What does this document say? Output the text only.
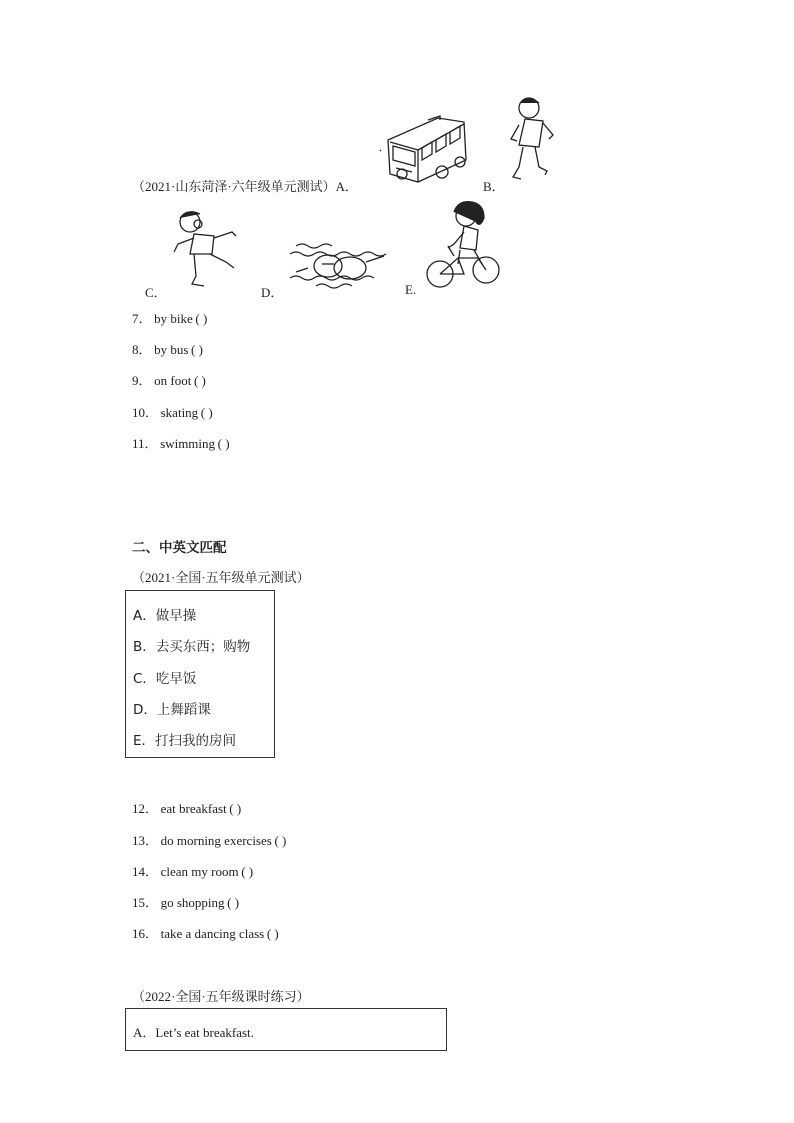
（2021·山东菏泽·六年级单元测试）A．	B．
C．	D．	E.
7．  by bike  ( )
8．  by bus  ( )
9．  on foot  ( )
10．  skating  ( )
11．  swimming  ( )
二、中英文匹配
（2021·全国·五年级单元测试）
A．做早操
B．去买东西；购物
C．吃早饭
D．上舞蹈课
E．打扫我的房间
12．  eat breakfast  ( )
13．  do morning exercises  ( )
14．  clean my room  ( )
15．  go shopping  ( )
16．  take a dancing class  ( )
（2022·全国·五年级课时练习）
A．Let’s eat breakfast.
